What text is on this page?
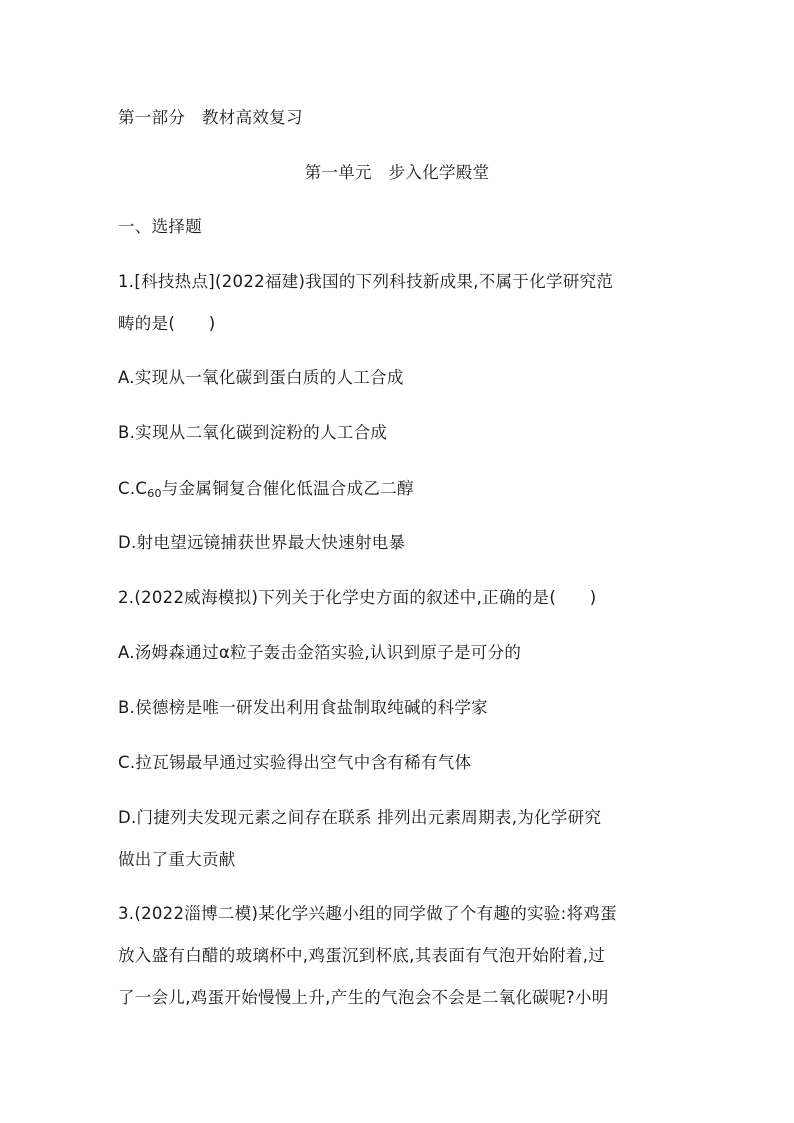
第一部分　教材高效复习
第一单元　步入化学殿堂
一、选择题
1.[科技热点](2022福建)我国的下列科技新成果,不属于化学研究范
畴的是(　　)
A.实现从一氧化碳到蛋白质的人工合成
B.实现从二氧化碳到淀粉的人工合成
$C.C_{60}$与金属铜复合催化低温合成乙二醇
D.射电望远镜捕获世界最大快速射电暴
2.(2022威海模拟)下列关于化学史方面的叙述中,正确的是(　　)
A.汤姆森通过α粒子轰击金箔实验,认识到原子是可分的
B.侯德榜是唯一研发出利用食盐制取纯碱的科学家
C.拉瓦锡最早通过实验得出空气中含有稀有气体
D.门捷列夫发现元素之间存在联系 排列出元素周期表,为化学研究
做出了重大贡献
3.(2022淄博二模)某化学兴趣小组的同学做了个有趣的实验:将鸡蛋
放入盛有白醋的玻璃杯中,鸡蛋沉到杯底,其表面有气泡开始附着,过
了一会儿,鸡蛋开始慢慢上升,产生的气泡会不会是二氧化碳呢?小明
